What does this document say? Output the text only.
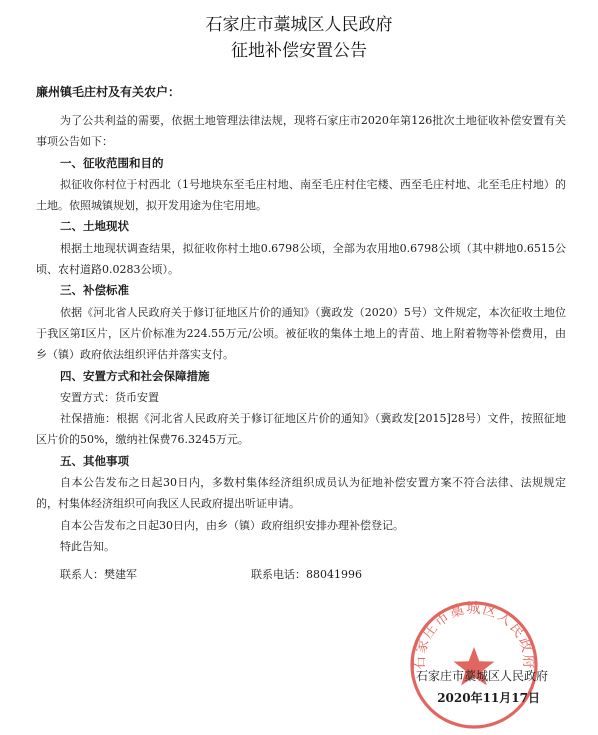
石家庄市藁城区人民政府
征地补偿安置公告
廉州镇毛庄村及有关农户：

为了公共利益的需要，依据土地管理法律法规，现将石家庄市2020年第126批次土地征收补偿安置有关事项公告如下：

一、征收范围和目的

拟征收你村位于村西北（1号地块东至毛庄村地、南至毛庄村住宅楼、西至毛庄村地、北至毛庄村地）的土地。依照城镇规划，拟开发用途为住宅用地。

二、土地现状

根据土地现状调查结果，拟征收你村土地0.6798公顷，全部为农用地0.6798公顷（其中耕地0.6515公顷、农村道路0.0283公顷）。

三、补偿标准

依据《河北省人民政府关于修订征地区片价的通知》（冀政发（2020）5号）文件规定，本次征收土地位于我区第Ⅰ区片，区片价标准为224.55万元/公顷。被征收的集体土地上的青苗、地上附着物等补偿费用，由乡（镇）政府依法组织评估并落实支付。

四、安置方式和社会保障措施

安置方式：货币安置

社保措施：根据《河北省人民政府关于修订征地区片价的通知》（冀政发[2015]28号）文件，按照征地区片价的50%，缴纳社保费76.3245万元。

五、其他事项

自本公告发布之日起30日内，多数村集体经济组织成员认为征地补偿安置方案不符合法律、法规规定的，村集体经济组织可向我区人民政府提出听证申请。

自本公告发布之日起30日内，由乡（镇）政府组织安排办理补偿登记。

特此告知。

联系人：樊建军	联系电话：88041996
石家庄市藁城区人民政府
石家庄市藁城区人民政府
2020年11月17日
